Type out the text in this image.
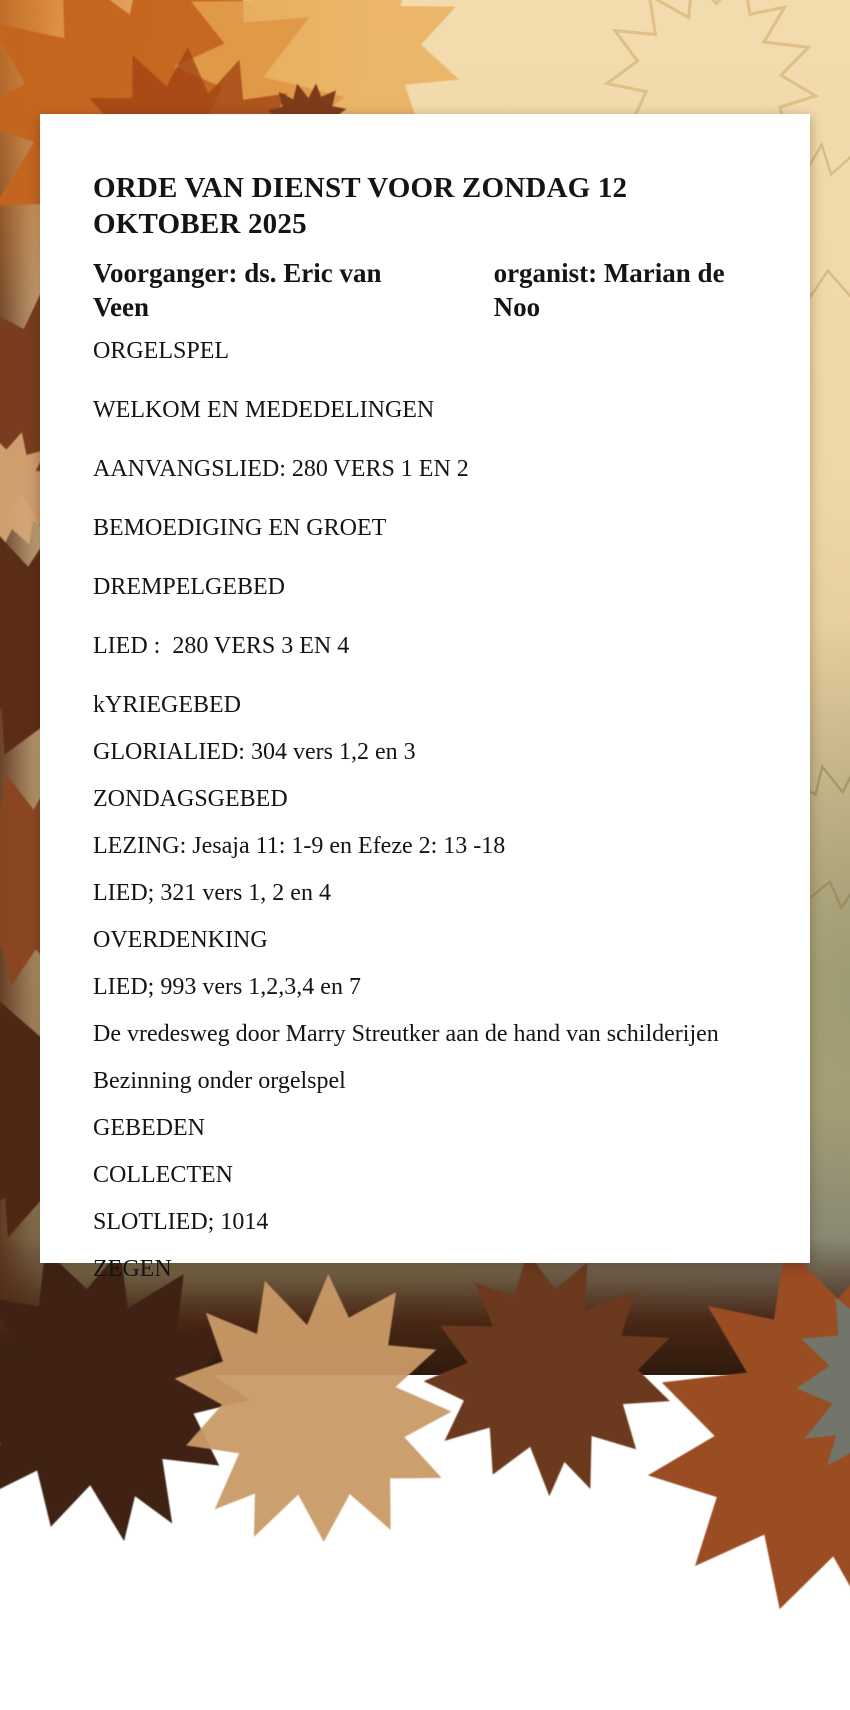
ORDE VAN DIENST VOOR ZONDAG 12 OKTOBER 2025
Voorganger: ds. Eric van Veen
organist: Marian de Noo
ORGELSPEL
WELKOM EN MEDEDELINGEN
AANVANGSLIED: 280 VERS 1 EN 2
BEMOEDIGING EN GROET
DREMPELGEBED
LIED :  280 VERS 3 EN 4
kYRIEGEBED
GLORIALIED: 304 vers 1,2 en 3
ZONDAGSGEBED
LEZING: Jesaja 11: 1-9 en Efeze 2: 13 -18
LIED; 321 vers 1, 2 en 4
OVERDENKING
LIED; 993 vers 1,2,3,4 en 7
De vredesweg door Marry Streutker aan de hand van schilderijen
Bezinning onder orgelspel
GEBEDEN
COLLECTEN
SLOTLIED; 1014
ZEGEN
